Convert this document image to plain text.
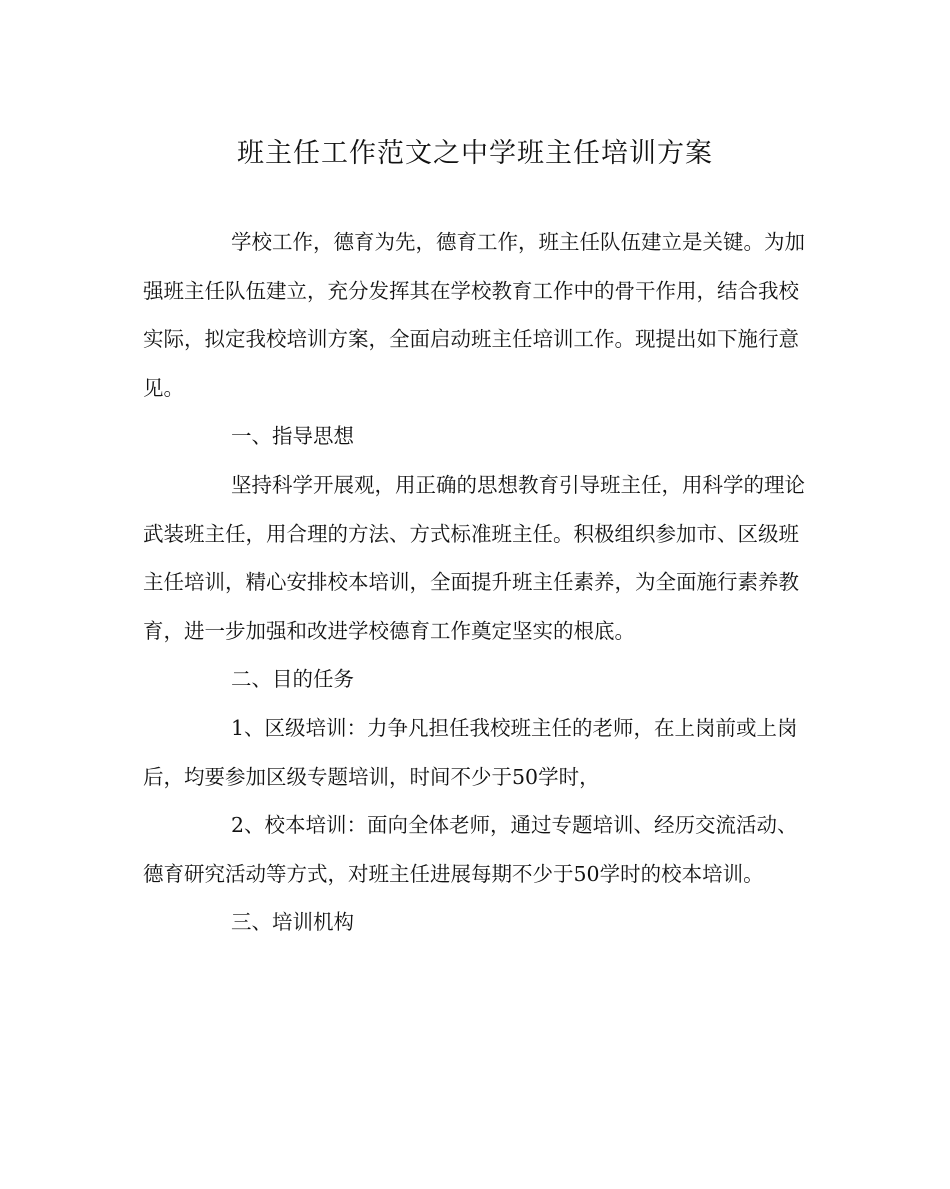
班主任工作范文之中学班主任培训方案

学校工作，德育为先，德育工作，班主任队伍建立是关键。为加强班主任队伍建立，充分发挥其在学校教育工作中的骨干作用，结合我校实际，拟定我校培训方案，全面启动班主任培训工作。现提出如下施行意见。

一、指导思想

坚持科学开展观，用正确的思想教育引导班主任，用科学的理论武装班主任，用合理的方法、方式标准班主任。积极组织参加市、区级班主任培训，精心安排校本培训，全面提升班主任素养，为全面施行素养教育，进一步加强和改进学校德育工作奠定坚实的根底。

二、目的任务

1、区级培训：力争凡担任我校班主任的老师，在上岗前或上岗后，均要参加区级专题培训，时间不少于50学时，

2、校本培训：面向全体老师，通过专题培训、经历交流活动、德育研究活动等方式，对班主任进展每期不少于50学时的校本培训。

三、培训机构
